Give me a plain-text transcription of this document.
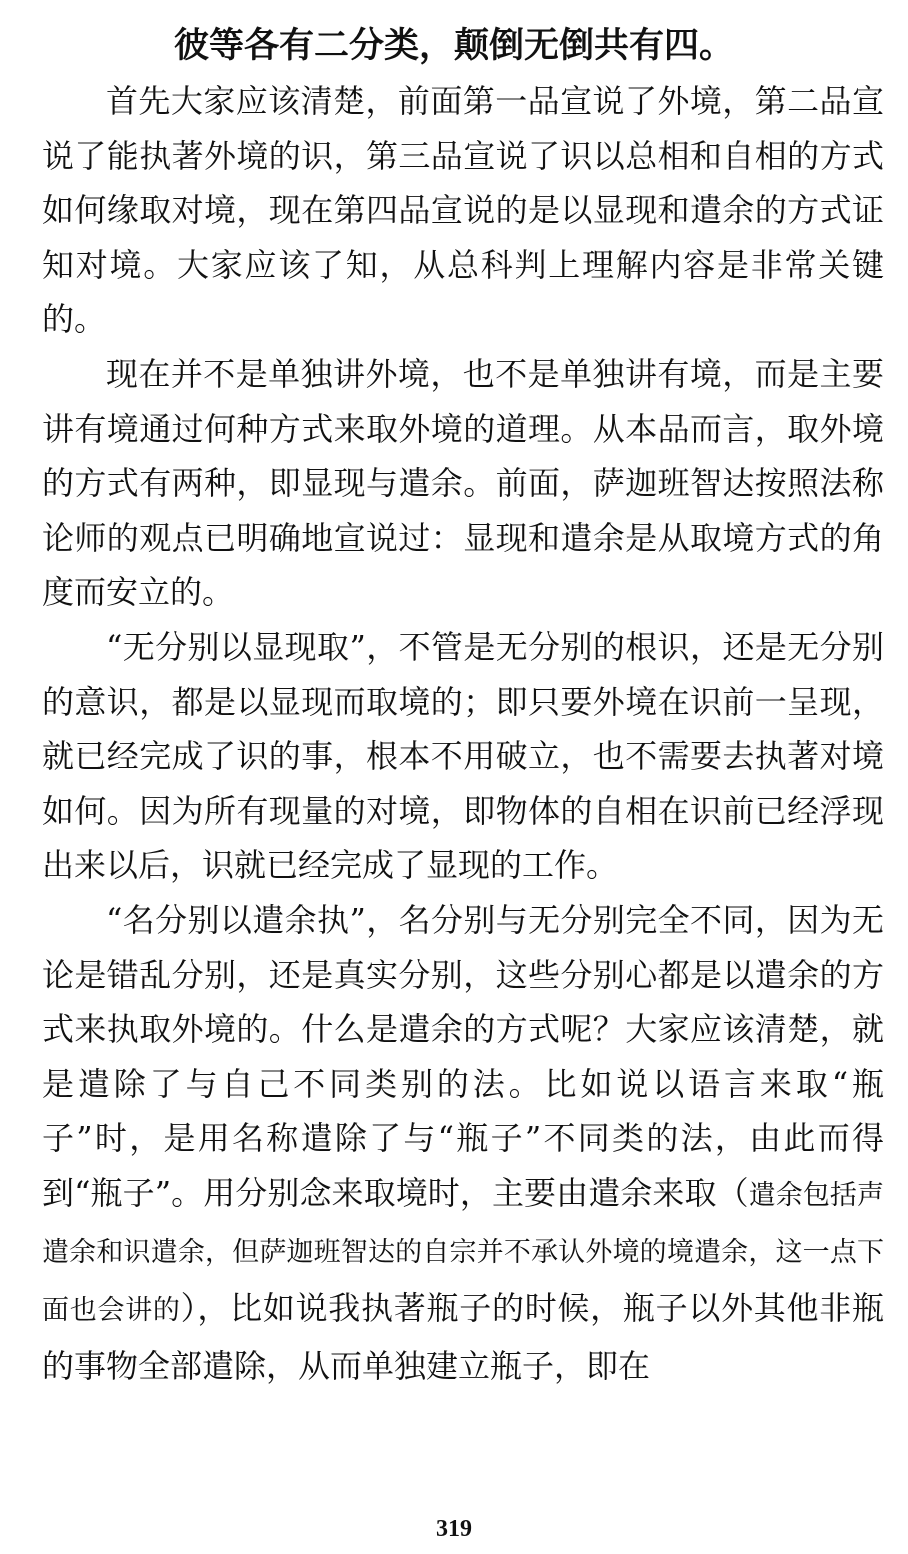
彼等各有二分类，颠倒无倒共有四。

首先大家应该清楚，前面第一品宣说了外境，第二品宣说了能执著外境的识，第三品宣说了识以总相和自相的方式如何缘取对境，现在第四品宣说的是以显现和遣余的方式证知对境。大家应该了知，从总科判上理解内容是非常关键的。

现在并不是单独讲外境，也不是单独讲有境，而是主要讲有境通过何种方式来取外境的道理。从本品而言，取外境的方式有两种，即显现与遣余。前面，萨迦班智达按照法称论师的观点已明确地宣说过：显现和遣余是从取境方式的角度而安立的。

“无分别以显现取”，不管是无分别的根识，还是无分别的意识，都是以显现而取境的；即只要外境在识前一呈现，就已经完成了识的事，根本不用破立，也不需要去执著对境如何。因为所有现量的对境，即物体的自相在识前已经浮现出来以后，识就已经完成了显现的工作。

“名分别以遣余执”，名分别与无分别完全不同，因为无论是错乱分别，还是真实分别，这些分别心都是以遣余的方式来执取外境的。什么是遣余的方式呢？大家应该清楚，就是遣除了与自己不同类别的法。比如说以语言来取“瓶子”时，是用名称遣除了与“瓶子”不同类的法，由此而得到“瓶子”。用分别念来取境时，主要由遣余来取（遣余包括声遣余和识遣余，但萨迦班智达的自宗并不承认外境的境遣余，这一点下面也会讲的），比如说我执著瓶子的时候，瓶子以外其他非瓶的事物全部遣除，从而单独建立瓶子，即在

319
